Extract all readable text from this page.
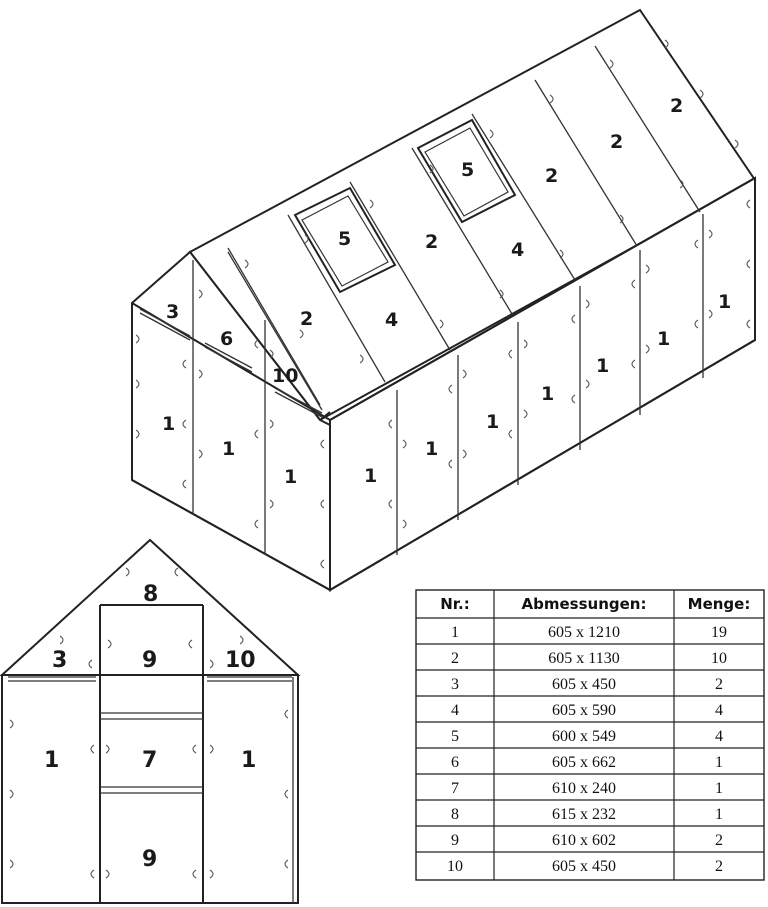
1
1
1	1
1
1
1
1
1
1
3
6
10
2
2
2
2
2
5
5
4
4
8
3	9	10
1	7	1
9
Nr.:	Abmessungen:	Menge:
1	605 x 1210	19
2	605 x 1130	10
3	605 x 450	2
4	605 x 590	4
5	600 x 549	4
6	605 x 662	1
7	610 x 240	1
8	615 x 232	1
9	610 x 602	2
10	605 x 450	2
